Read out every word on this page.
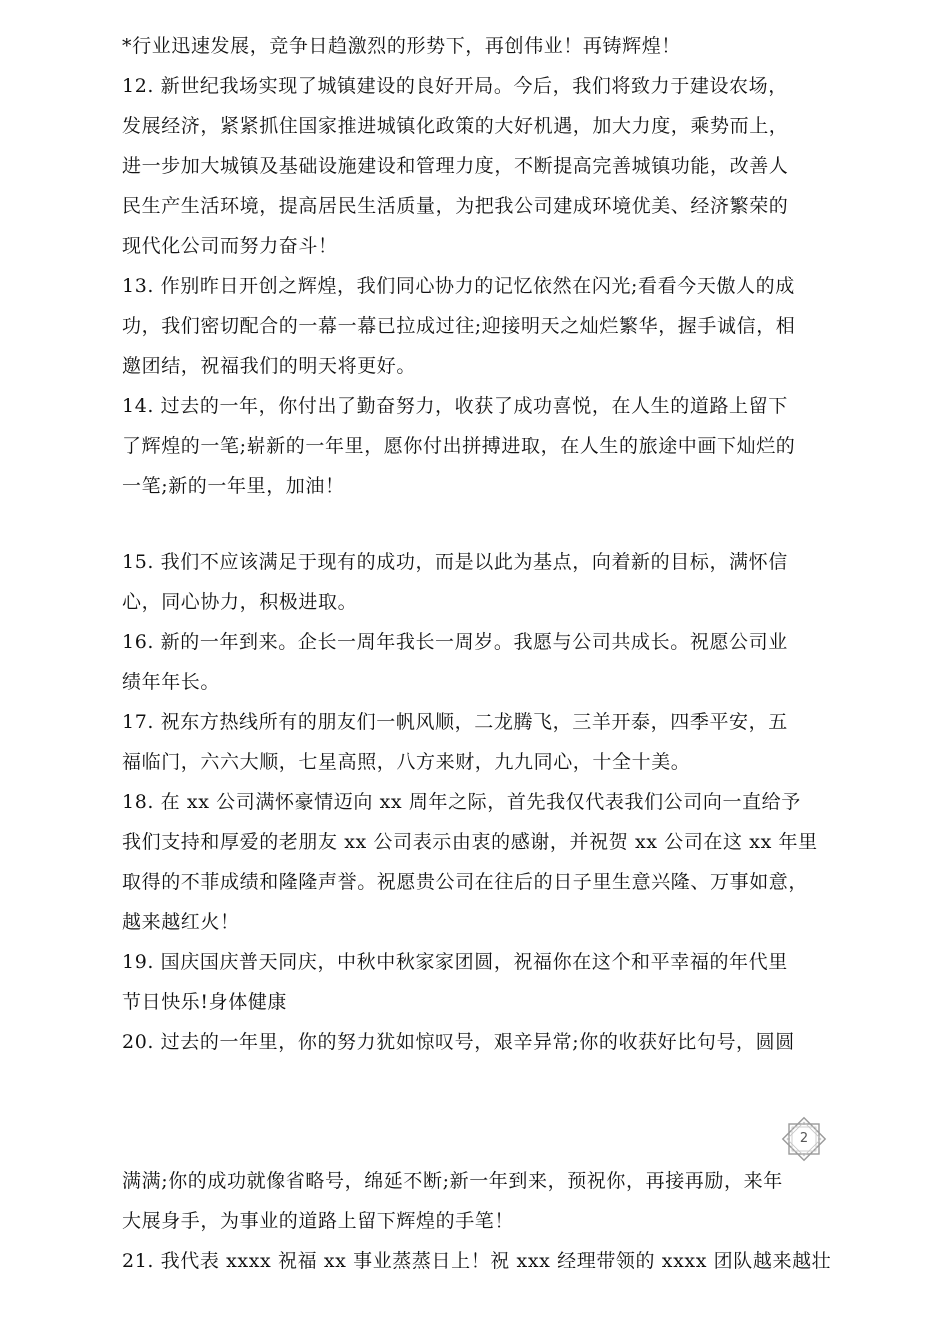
*行业迅速发展，竞争日趋激烈的形势下，再创伟业！再铸辉煌！
12. 新世纪我场实现了城镇建设的良好开局。今后，我们将致力于建设农场，
发展经济，紧紧抓住国家推进城镇化政策的大好机遇，加大力度，乘势而上，
进一步加大城镇及基础设施建设和管理力度，不断提高完善城镇功能，改善人
民生产生活环境，提高居民生活质量，为把我公司建成环境优美、经济繁荣的
现代化公司而努力奋斗！
13. 作别昨日开创之辉煌，我们同心协力的记忆依然在闪光;看看今天傲人的成
功，我们密切配合的一幕一幕已拉成过往;迎接明天之灿烂繁华，握手诚信，相
邀团结，祝福我们的明天将更好。
14. 过去的一年，你付出了勤奋努力，收获了成功喜悦，在人生的道路上留下
了辉煌的一笔;崭新的一年里，愿你付出拼搏进取，在人生的旅途中画下灿烂的
一笔;新的一年里，加油！
15. 我们不应该满足于现有的成功，而是以此为基点，向着新的目标，满怀信
心，同心协力，积极进取。
16. 新的一年到来。企长一周年我长一周岁。我愿与公司共成长。祝愿公司业
绩年年长。
17. 祝东方热线所有的朋友们一帆风顺，二龙腾飞，三羊开泰，四季平安，五
福临门，六六大顺，七星高照，八方来财，九九同心，十全十美。
18. 在 xx 公司满怀豪情迈向 xx 周年之际，首先我仅代表我们公司向一直给予
我们支持和厚爱的老朋友 xx 公司表示由衷的感谢，并祝贺 xx 公司在这 xx 年里
取得的不菲成绩和隆隆声誉。祝愿贵公司在往后的日子里生意兴隆、万事如意，
越来越红火！
19. 国庆国庆普天同庆，中秋中秋家家团圆，祝福你在这个和平幸福的年代里
节日快乐!身体健康
20. 过去的一年里，你的努力犹如惊叹号，艰辛异常;你的收获好比句号，圆圆
2
满满;你的成功就像省略号，绵延不断;新一年到来，预祝你，再接再励，来年
大展身手，为事业的道路上留下辉煌的手笔！
21. 我代表 xxxx 祝福 xx 事业蒸蒸日上！祝 xxx 经理带领的 xxxx 团队越来越壮
